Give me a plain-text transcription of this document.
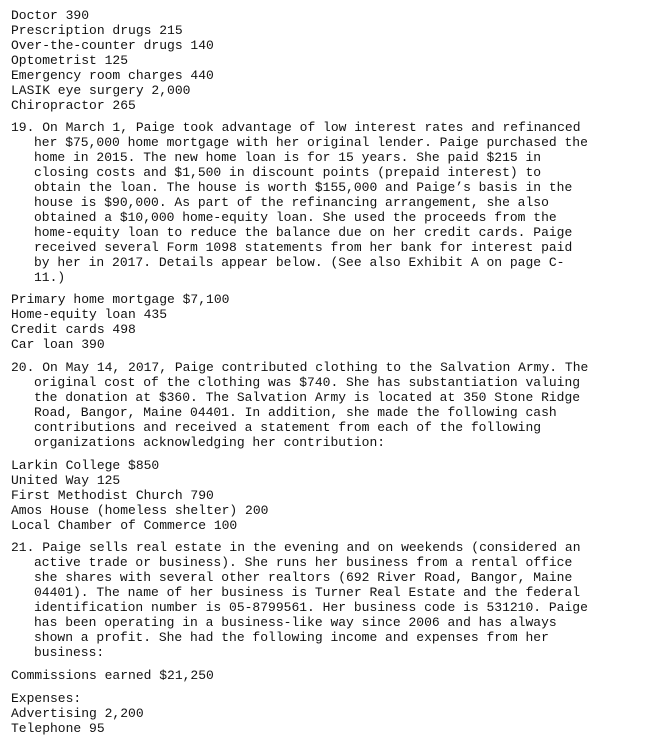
Doctor 390
Prescription drugs 215
Over-the-counter drugs 140
Optometrist 125
Emergency room charges 440
LASIK eye surgery 2,000
Chiropractor 265
19. On March 1, Paige took advantage of low interest rates and refinanced
her $75,000 home mortgage with her original lender. Paige purchased the
home in 2015. The new home loan is for 15 years. She paid $215 in
closing costs and $1,500 in discount points (prepaid interest) to
obtain the loan. The house is worth $155,000 and Paige’s basis in the
house is $90,000. As part of the refinancing arrangement, she also
obtained a $10,000 home-equity loan. She used the proceeds from the
home-equity loan to reduce the balance due on her credit cards. Paige
received several Form 1098 statements from her bank for interest paid
by her in 2017. Details appear below. (See also Exhibit A on page C-
11.)
Primary home mortgage $7,100
Home-equity loan 435
Credit cards 498
Car loan 390
20. On May 14, 2017, Paige contributed clothing to the Salvation Army. The
original cost of the clothing was $740. She has substantiation valuing
the donation at $360. The Salvation Army is located at 350 Stone Ridge
Road, Bangor, Maine 04401. In addition, she made the following cash
contributions and received a statement from each of the following
organizations acknowledging her contribution:
Larkin College $850
United Way 125
First Methodist Church 790
Amos House (homeless shelter) 200
Local Chamber of Commerce 100
21. Paige sells real estate in the evening and on weekends (considered an
active trade or business). She runs her business from a rental office
she shares with several other realtors (692 River Road, Bangor, Maine
04401). The name of her business is Turner Real Estate and the federal
identification number is 05-8799561. Her business code is 531210. Paige
has been operating in a business-like way since 2006 and has always
shown a profit. She had the following income and expenses from her
business:
Commissions earned $21,250
Expenses:
Advertising 2,200
Telephone 95
